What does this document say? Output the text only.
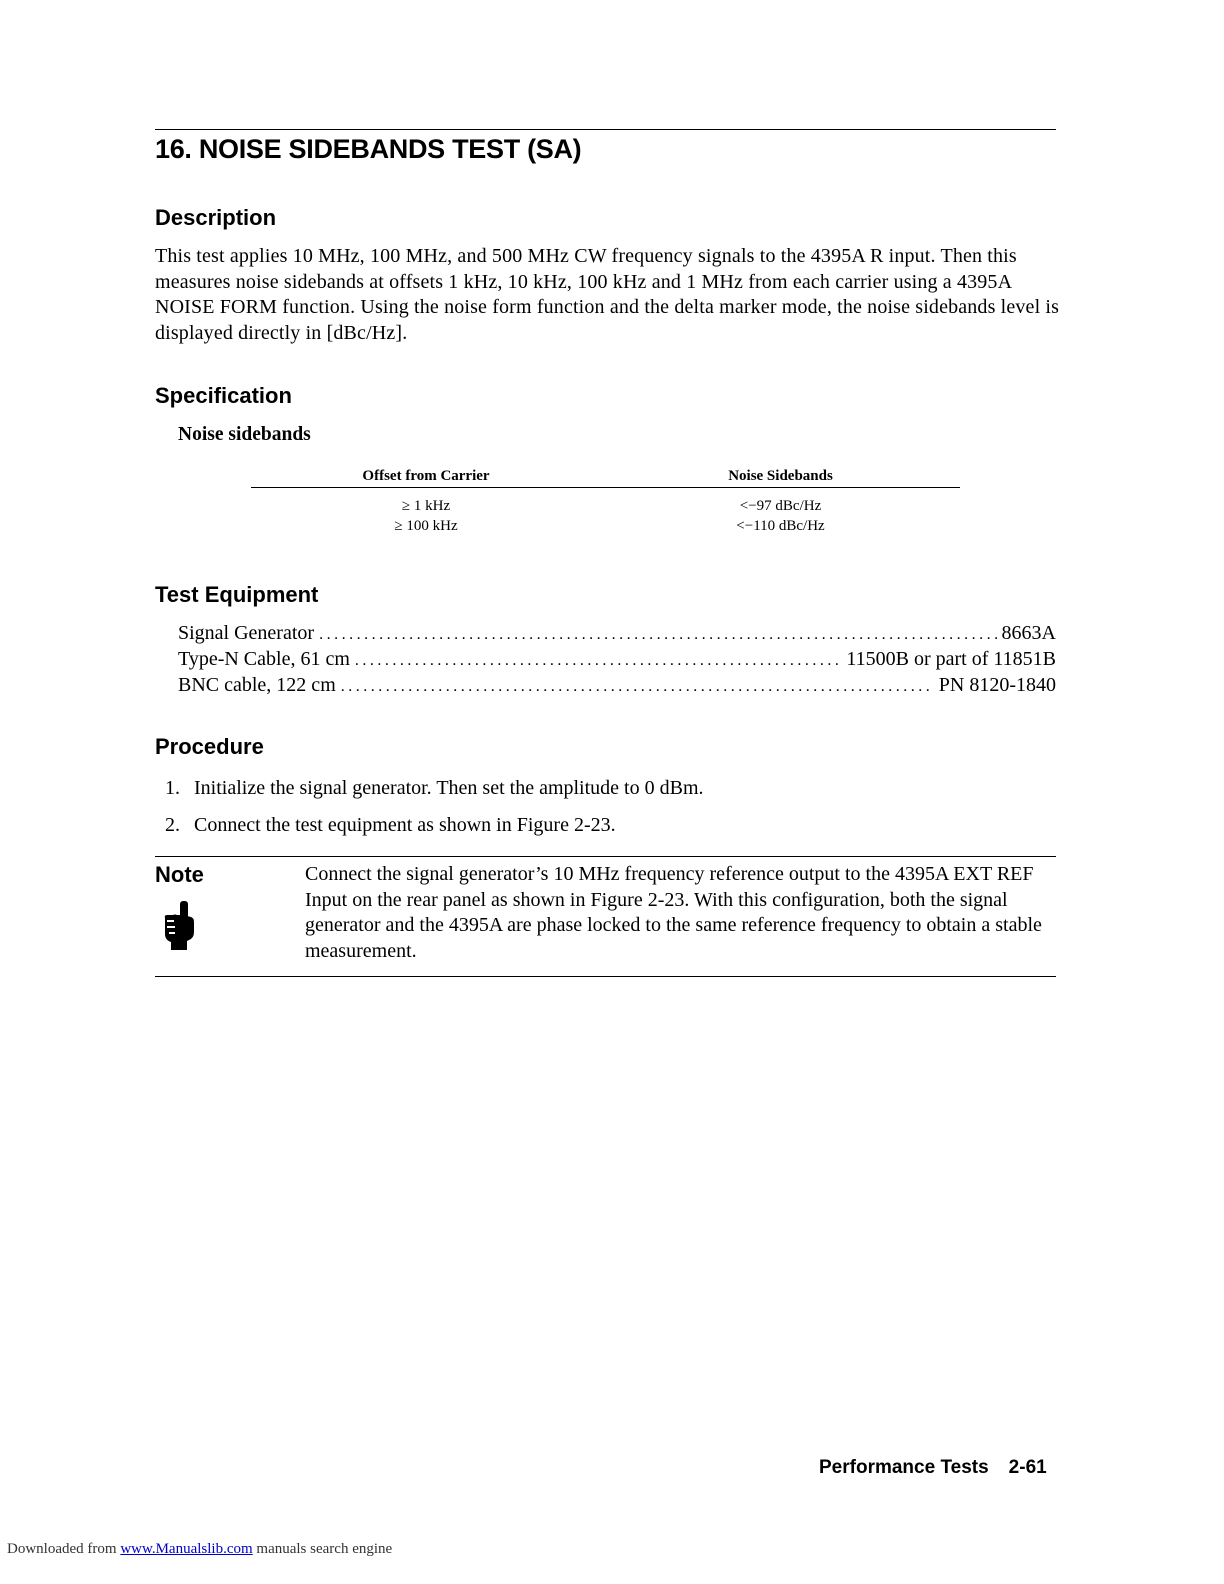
16. NOISE SIDEBANDS TEST (SA)
Description

This test applies 10 MHz, 100 MHz, and 500 MHz CW frequency signals to the 4395A R input. Then this measures noise sidebands at offsets 1 kHz, 10 kHz, 100 kHz and 1 MHz from each carrier using a 4395A NOISE FORM function. Using the noise form function and the delta marker mode, the noise sidebands level is displayed directly in [dBc/Hz].

Specification

Noise sidebands

Offset from Carrier	Noise Sidebands
≥ 1 kHz	<−97 dBc/Hz
≥ 100 kHz	<−110 dBc/Hz
Test Equipment
Signal Generator . . .	8663A
Type-N Cable, 61 cm . . .	11500B or part of 11851B
BNC cable, 122 cm . . .	PN 8120-1840
Procedure
1. Initialize the signal generator. Then set the amplitude to 0 dBm.
2. Connect the test equipment as shown in Figure 2-23.
Note	Connect the signal generator’s 10 MHz frequency reference output to the 4395A EXT REF Input on the rear panel as shown in Figure 2-23. With this configuration, both the signal generator and the 4395A are phase locked to the same reference frequency to obtain a stable measurement.

Performance Tests 2-61
Downloaded from www.Manualslib.com manuals search engine
